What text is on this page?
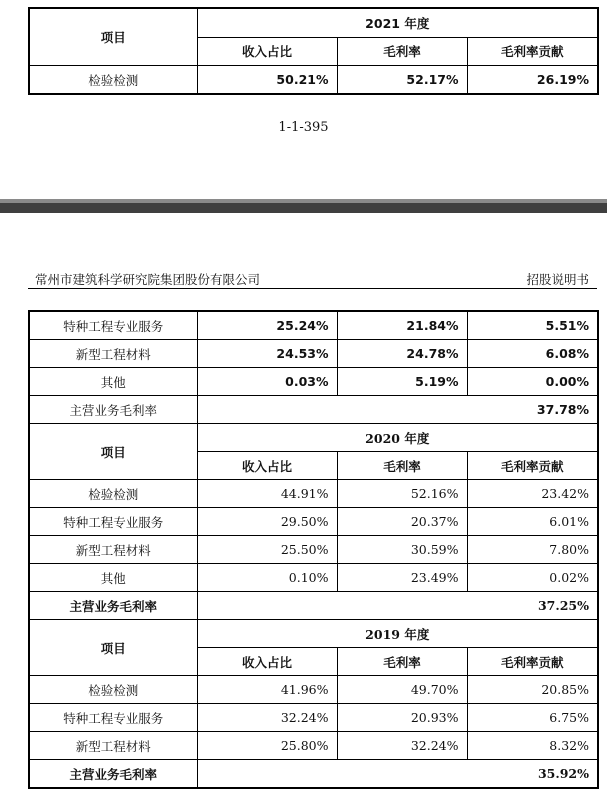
项目	2021 年度		
	收入占比	毛利率	毛利率贡献
检验检测	50.21%	52.17%	26.19%
1-1-395
常州市建筑科学研究院集团股份有限公司	招股说明书
特种工程专业服务	25.24%	21.84%	5.51%
新型工程材料	24.53%	24.78%	6.08%
其他	0.03%	5.19%	0.00%
主营业务毛利率	37.78%		
项目	2020 年度		
	收入占比	毛利率	毛利率贡献
检验检测	44.91%	52.16%	23.42%
特种工程专业服务	29.50%	20.37%	6.01%
新型工程材料	25.50%	30.59%	7.80%
其他	0.10%	23.49%	0.02%
主营业务毛利率	37.25%		
项目	2019 年度		
	收入占比	毛利率	毛利率贡献
检验检测	41.96%	49.70%	20.85%
特种工程专业服务	32.24%	20.93%	6.75%
新型工程材料	25.80%	32.24%	8.32%
主营业务毛利率	35.92%		
